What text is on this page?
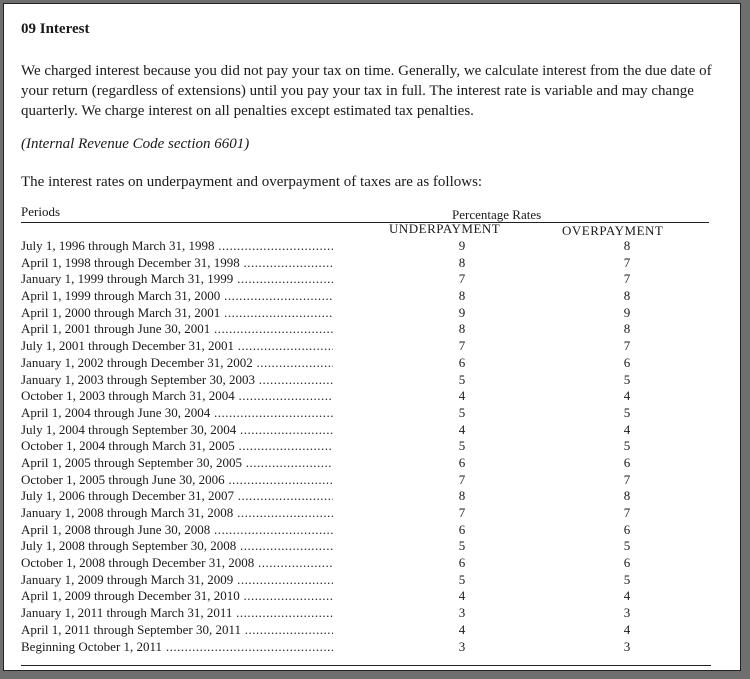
09 Interest
We charged interest because you did not pay your tax on time. Generally, we calculate interest from the due date of your return (regardless of extensions) until you pay your tax in full. The interest rate is variable and may change quarterly. We charge interest on all penalties except estimated tax penalties.
(Internal Revenue Code section 6601)
The interest rates on underpayment and overpayment of taxes are as follows:
Periods	Percentage Rates
UNDERPAYMENT	OVERPAYMENT
July 1, 1996 through March 31, 1998 .....	9	8
April 1, 1998 through December 31, 1998 .....	8	7
January 1, 1999 through March 31, 1999 .....	7	7
April 1, 1999 through March 31, 2000 .....	8	8
April 1, 2000 through March 31, 2001 .....	9	9
April 1, 2001 through June 30, 2001 .....	8	8
July 1, 2001 through December 31, 2001 .....	7	7
January 1, 2002 through December 31, 2002 .....	6	6
January 1, 2003 through September 30, 2003 .....	5	5
October 1, 2003 through March 31, 2004 .....	4	4
April 1, 2004 through June 30, 2004 .....	5	5
July 1, 2004 through September 30, 2004 .....	4	4
October 1, 2004 through March 31, 2005 .....	5	5
April 1, 2005 through September 30, 2005 .....	6	6
October 1, 2005 through June 30, 2006 .....	7	7
July 1, 2006 through December 31, 2007 .....	8	8
January 1, 2008 through March 31, 2008 .....	7	7
April 1, 2008 through June 30, 2008 .....	6	6
July 1, 2008 through September 30, 2008 .....	5	5
October 1, 2008 through December 31, 2008 .....	6	6
January 1, 2009 through March 31, 2009 .....	5	5
April 1, 2009 through December 31, 2010 .....	4	4
January 1, 2011 through March 31, 2011 .....	3	3
April 1, 2011 through September 30, 2011 .....	4	4
Beginning October 1, 2011 .....	3	3
